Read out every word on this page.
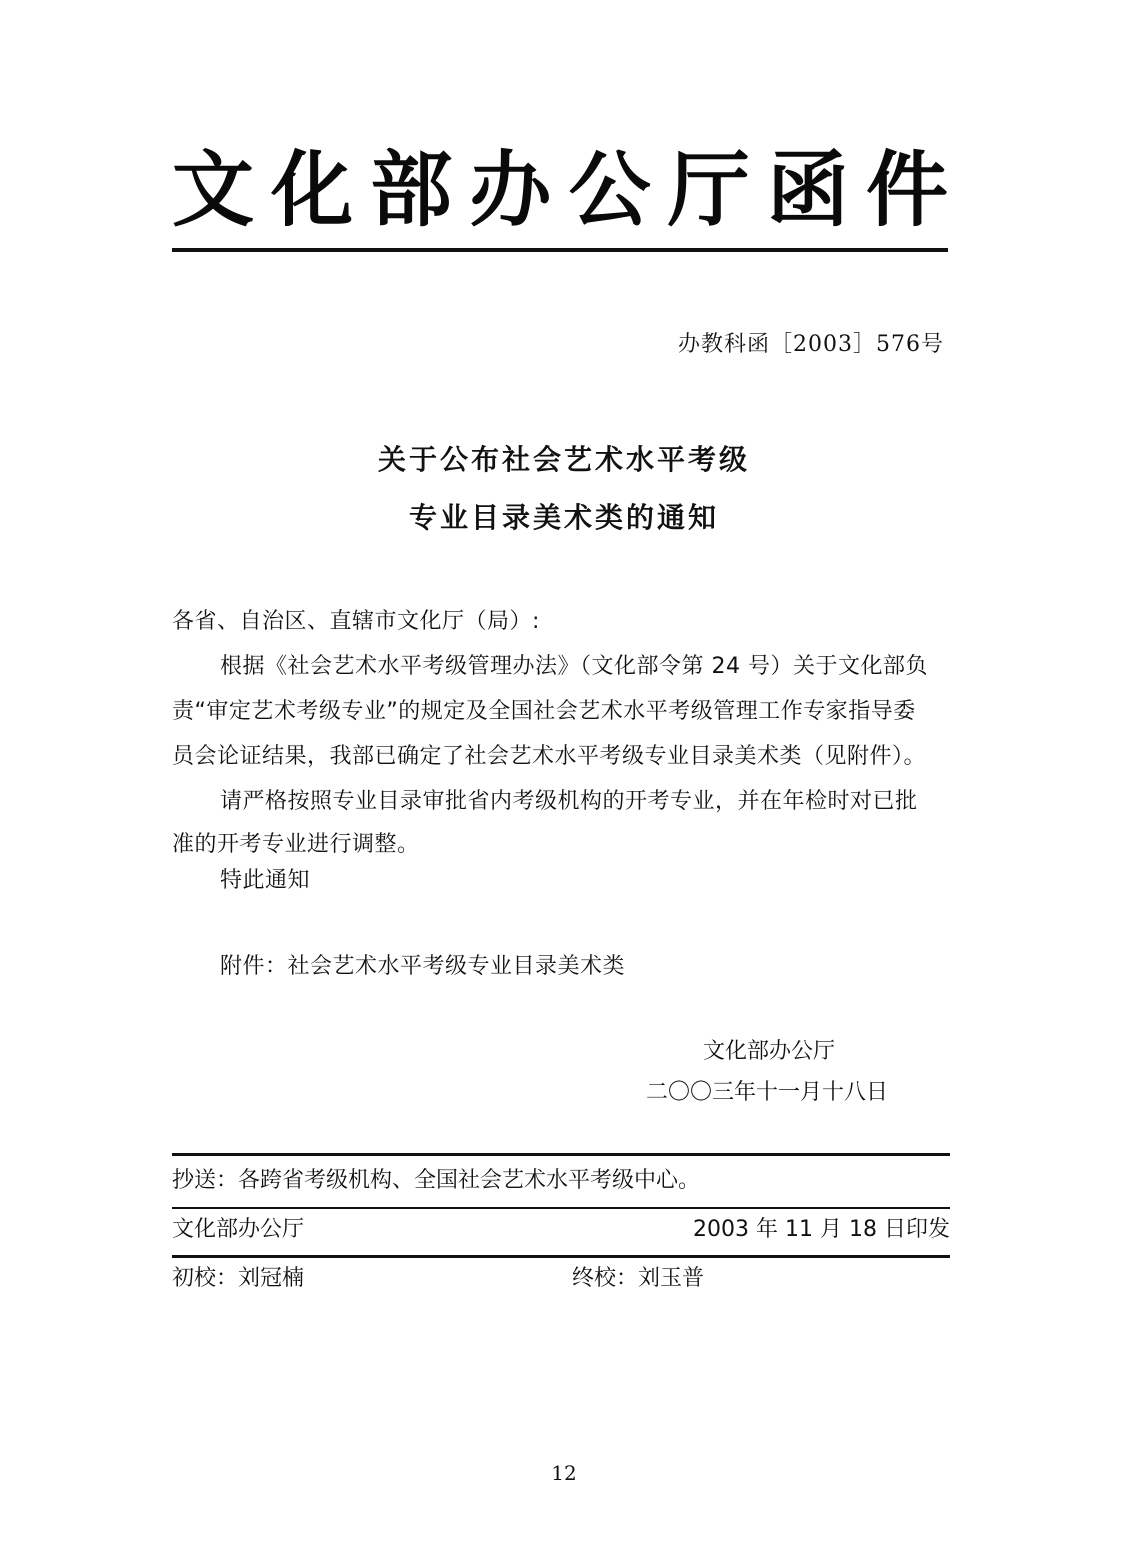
文 化 部 办 公 厅 函 件
办教科函［2003］576号
关于公布社会艺术水平考级
专业目录美术类的通知
各省、自治区、直辖市文化厅（局）:
根据《社会艺术水平考级管理办法》（文化部令第 24 号）关于文化部负
责“审定艺术考级专业”的规定及全国社会艺术水平考级管理工作专家指导委
员会论证结果，我部已确定了社会艺术水平考级专业目录美术类（见附件）。
请严格按照专业目录审批省内考级机构的开考专业，并在年检时对已批
准的开考专业进行调整。
特此通知
附件：社会艺术水平考级专业目录美术类
文化部办公厅
二〇〇三年十一月十八日
抄送：各跨省考级机构、全国社会艺术水平考级中心。
文化部办公厅	2003 年 11 月 18 日印发
初校：刘冠楠	终校：刘玉普
12
